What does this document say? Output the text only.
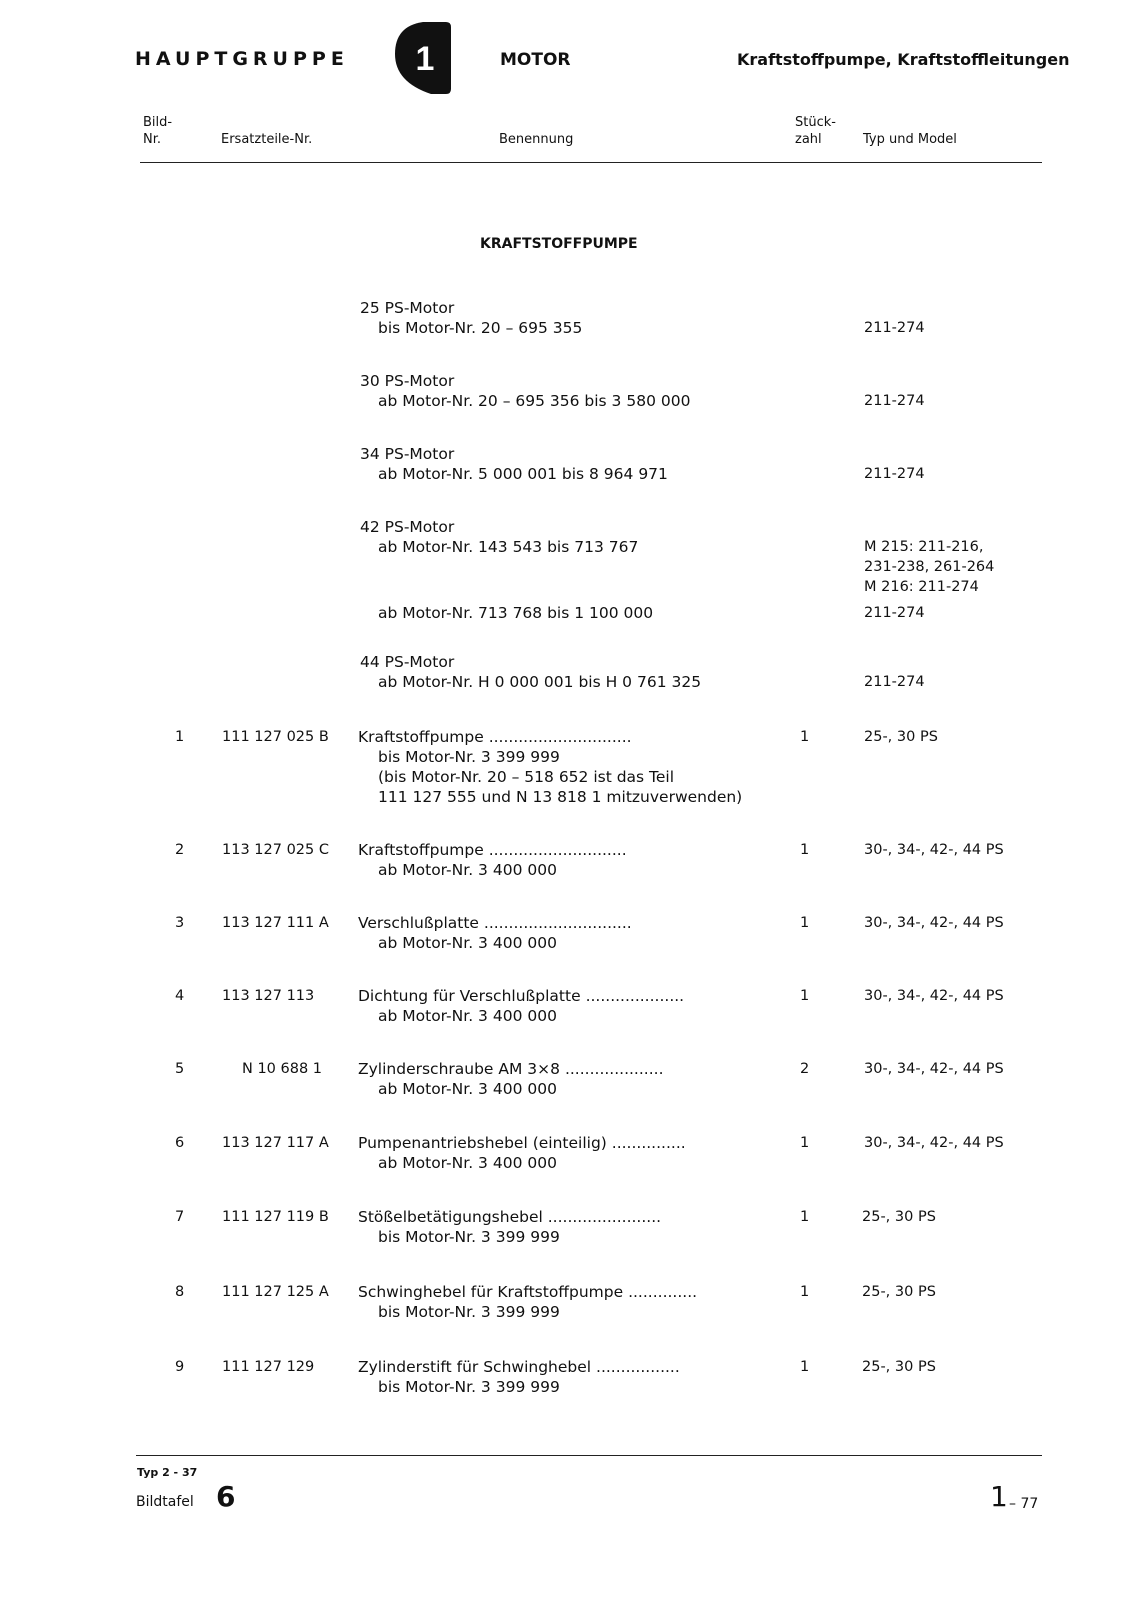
HAUPTGRUPPE 1	MOTOR	Kraftstoffpumpe, Kraftstoffleitungen
Bild-
Nr.	Ersatzteile-Nr.	Benennung
Stück-
zahl	Typ und Model
KRAFTSTOFFPUMPE
25 PS-Motor
bis Motor-Nr. 20 – 695 355	211-274
30 PS-Motor
ab Motor-Nr. 20 – 695 356 bis 3 580 000	211-274
34 PS-Motor
ab Motor-Nr. 5 000 001 bis 8 964 971	211-274
42 PS-Motor
ab Motor-Nr. 143 543 bis 713 767	M 215: 211-216,
231-238, 261-264
M 216: 211-274
ab Motor-Nr. 713 768 bis 1 100 000	211-274
44 PS-Motor
ab Motor-Nr. H 0 000 001 bis H 0 761 325	211-274
1	111 127 025 B Kraftstoffpumpe .............................	1	25-, 30 PS
bis Motor-Nr. 3 399 999
(bis Motor-Nr. 20 – 518 652 ist das Teil
111 127 555 und N 13 818 1 mitzuverwenden)
2	113 127 025 C Kraftstoffpumpe ............................	1	30-, 34-, 42-, 44 PS
ab Motor-Nr. 3 400 000
3	113 127 111 A Verschlußplatte ..............................	1	30-, 34-, 42-, 44 PS
ab Motor-Nr. 3 400 000
4	113 127 113	Dichtung für Verschlußplatte ....................	1	30-, 34-, 42-, 44 PS
ab Motor-Nr. 3 400 000
5	N 10 688 1 Zylinderschraube AM 3×8 ....................	2	30-, 34-, 42-, 44 PS
ab Motor-Nr. 3 400 000
6	113 127 117 A Pumpenantriebshebel (einteilig) ...............	1	30-, 34-, 42-, 44 PS
ab Motor-Nr. 3 400 000
7	111 127 119 B Stößelbetätigungshebel .......................	1	25-, 30 PS
bis Motor-Nr. 3 399 999
8	111 127 125 A Schwinghebel für Kraftstoffpumpe ..............	1	25-, 30 PS
bis Motor-Nr. 3 399 999
9	111 127 129	Zylinderstift für Schwinghebel .................	1	25-, 30 PS
bis Motor-Nr. 3 399 999
Typ 2 - 37
Bildtafel 6	1 – 77
